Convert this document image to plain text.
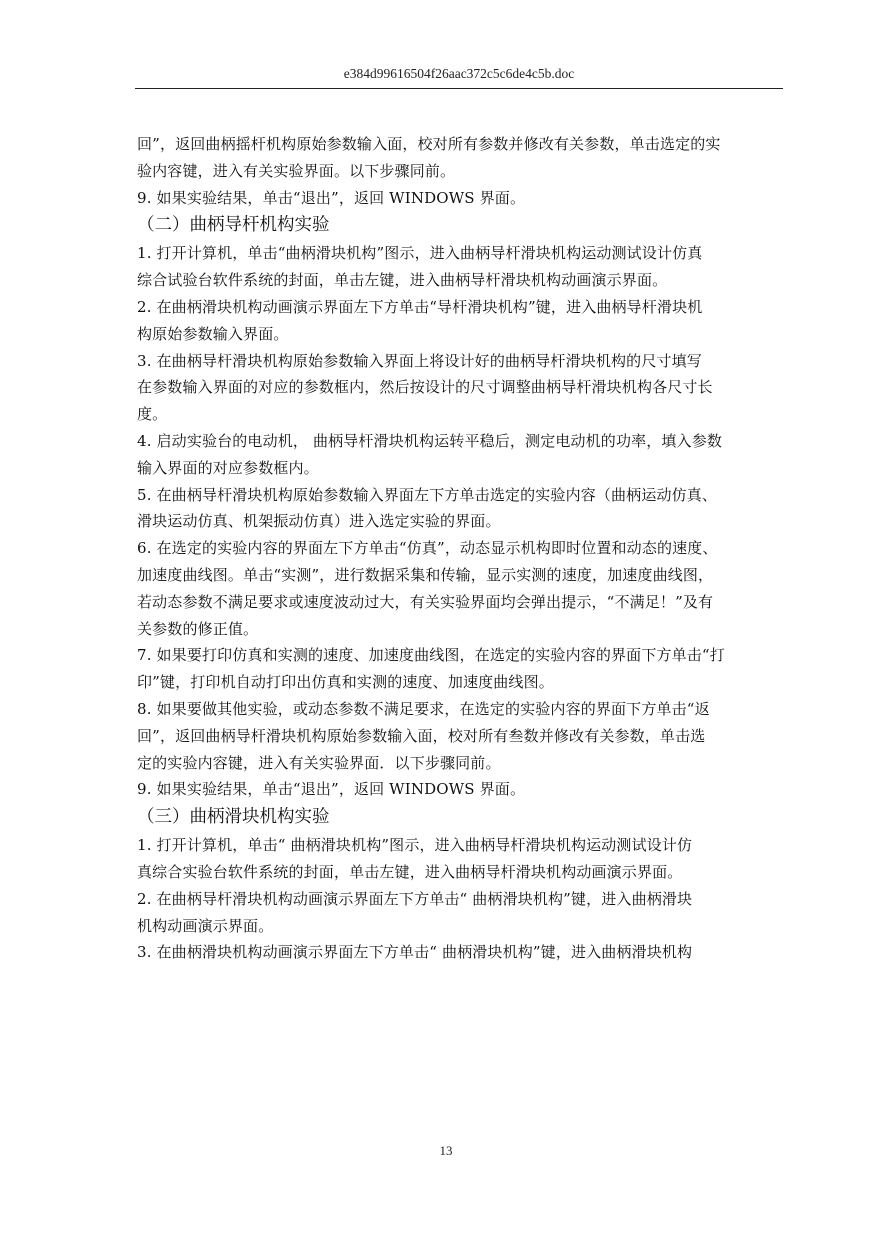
e384d99616504f26aac372c5c6de4c5b.doc

回”，返回曲柄摇杆机构原始参数输入面，校对所有参数并修改有关参数，单击选定的实

验内容键，进入有关实验界面。以下步骤同前。

9. 如果实验结果，单击“退出”，返回 WINDOWS 界面。

（二）曲柄导杆机构实验

1. 打开计算机，单击“曲柄滑块机构”图示，进入曲柄导杆滑块机构运动测试设计仿真

综合试验台软件系统的封面，单击左键，进入曲柄导杆滑块机构动画演示界面。

2. 在曲柄滑块机构动画演示界面左下方单击“导杆滑块机构”键，进入曲柄导杆滑块机

构原始参数输入界面。

3. 在曲柄导杆滑块机构原始参数输入界面上将设计好的曲柄导杆滑块机构的尺寸填写

在参数输入界面的对应的参数框内，然后按设计的尺寸调整曲柄导杆滑块机构各尺寸长

度。

4. 启动实验台的电动机， 曲柄导杆滑块机构运转平稳后，测定电动机的功率，填入参数

输入界面的对应参数框内。

5. 在曲柄导杆滑块机构原始参数输入界面左下方单击选定的实验内容（曲柄运动仿真、

滑块运动仿真、机架振动仿真）进入选定实验的界面。

6. 在选定的实验内容的界面左下方单击“仿真”，动态显示机构即时位置和动态的速度、

加速度曲线图。单击“实测”，进行数据采集和传输，显示实测的速度，加速度曲线图，

若动态参数不满足要求或速度波动过大，有关实验界面均会弹出提示，“不满足！”及有

关参数的修正值。

7. 如果要打印仿真和实测的速度、加速度曲线图，在选定的实验内容的界面下方单击“打

印”键，打印机自动打印出仿真和实测的速度、加速度曲线图。

8. 如果要做其他实验，或动态参数不满足要求，在选定的实验内容的界面下方单击“返

回”，返回曲柄导杆滑块机构原始参数输入面，校对所有叁数并修改有关参数，单击选

定的实验内容键，进入有关实验界面．以下步骤同前。

9. 如果实验结果，单击“退出”，返回 WINDOWS 界面。

（三）曲柄滑块机构实验

1. 打开计算机，单击“ 曲柄滑块机构”图示，进入曲柄导杆滑块机构运动测试设计仿

真综合实验台软件系统的封面，单击左键，进入曲柄导杆滑块机构动画演示界面。

2. 在曲柄导杆滑块机构动画演示界面左下方单击“ 曲柄滑块机构”键，进入曲柄滑块

机构动画演示界面。

3. 在曲柄滑块机构动画演示界面左下方单击“ 曲柄滑块机构”键，进入曲柄滑块机构

13
